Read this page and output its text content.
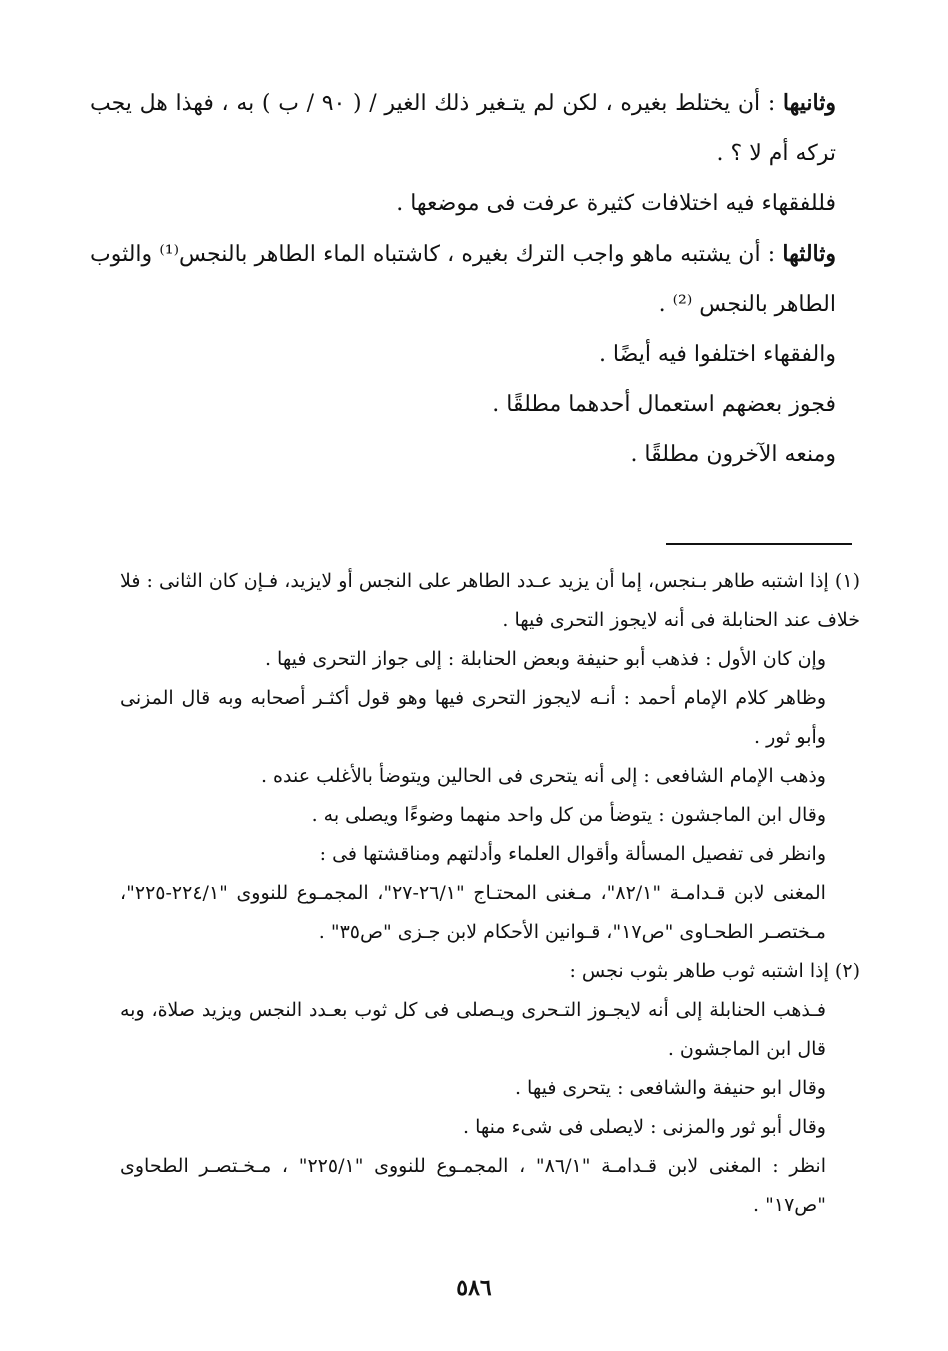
وثانيها : أن يختلط بغيره ، لكن لم يتـغير ذلك الغير / ( ٩٠ / ب ) به ، فهذا هل يجب تركه أم لا ؟ .

فللفقهاء فيه اختلافات كثيرة عرفت فى موضعها .

وثالثها : أن يشتبه ماهو واجب الترك بغيره ، كاشتباه الماء الطاهر بالنجس⁽¹⁾ والثوب الطاهر بالنجس ⁽²⁾ .

والفقهاء اختلفوا فيه أيضًا .

فجوز بعضهم استعمال أحدهما مطلقًا .

ومنعه الآخرون مطلقًا .

(١) إذا اشتبه طاهر بـنجس، إما أن يزيد عـدد الطاهر على النجس أو لايزيد، فـإن كان الثانى : فلا خلاف عند الحنابلة فى أنه لايجوز التحرى فيها .

وإن كان الأول : فذهب أبو حنيفة وبعض الحنابلة : إلى جواز التحرى فيها .

وظاهر كلام الإمام أحمد : أنـه لايجوز التحرى فيها وهو قول أكثـر أصحابه وبه قال المزنى وأبو ثور .

وذهب الإمام الشافعى : إلى أنه يتحرى فى الحالين ويتوضأ بالأغلب عنده .

وقال ابن الماجشون : يتوضأ من كل واحد منهما وضوءًا ويصلى به .

وانظر فى تفصيل المسألة وأقوال العلماء وأدلتهم ومناقشتها فى :

المغنى لابن قـدامـة "٨٢/١"، مـغنى المحتـاج "٢٦/١-٢٧"، المجمـوع للنووى "٢٢٤/١-٢٢٥"، مـختصـر الطحـاوى "ص١٧"، قـوانين الأحكام لابن جـزى "ص٣٥" .

(٢) إذا اشتبه ثوب طاهر بثوب نجس :

فـذهب الحنابلة إلى أنه لايجـوز التـحرى ويـصلى فى كل ثوب بعـدد النجس ويزيد صلاة، وبه قال ابن الماجشون .

وقال ابو حنيفة والشافعى : يتحرى فيها .

وقال أبو ثور والمزنى : لايصلى فى شىء منها .

انظر : المغنى لابن قـدامـة "٨٦/١" ، المجمـوع للنووى "٢٢٥/١" ، مـخـتصـر الطحاوى "ص١٧" .

٥٨٦
